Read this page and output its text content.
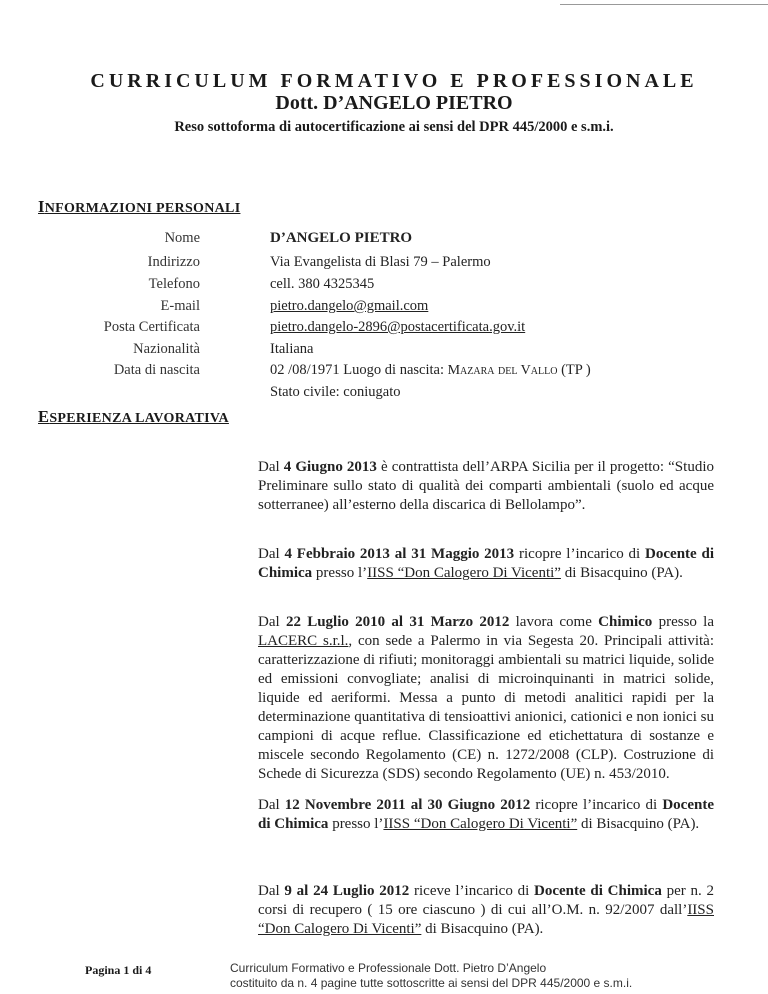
CURRICULUM FORMATIVO E PROFESSIONALE
Dott. D’ANGELO PIETRO
Reso sottoforma di autocertificazione ai sensi del DPR 445/2000 e s.m.i.
INFORMAZIONI PERSONALI
Nome	D’ANGELO PIETRO
Indirizzo	Via Evangelista di Blasi 79 – Palermo
Telefono	cell. 380 4325345
E-mail	pietro.dangelo@gmail.com
Posta Certificata	pietro.dangelo-2896@postacertificata.gov.it
Nazionalità	Italiana
Data di nascita	02 /08/1971 Luogo di nascita: Mazara del Vallo (TP )
Stato civile: coniugato
ESPERIENZA LAVORATIVA

Dal 4 Giugno 2013 è contrattista dell’ARPA Sicilia per il progetto: “Studio Preliminare sullo stato di qualità dei comparti ambientali (suolo ed acque sotterranee) all’esterno della discarica di Bellolampo”.

Dal 4 Febbraio 2013 al 31 Maggio 2013 ricopre l’incarico di Docente di Chimica presso l’IISS “Don Calogero Di Vicenti” di Bisacquino (PA).

Dal 22 Luglio 2010 al 31 Marzo 2012 lavora come Chimico presso la LACERC s.r.l., con sede a Palermo in via Segesta 20. Principali attività: caratterizzazione di rifiuti; monitoraggi ambientali su matrici liquide, solide ed emissioni convogliate; analisi di microinquinanti in matrici solide, liquide ed aeriformi. Messa a punto di metodi analitici rapidi per la determinazione quantitativa di tensioattivi anionici, cationici e non ionici su campioni di acque reflue. Classificazione ed etichettatura di sostanze e miscele secondo Regolamento (CE) n. 1272/2008 (CLP). Costruzione di Schede di Sicurezza (SDS) secondo Regolamento (UE) n. 453/2010.

Dal 12 Novembre 2011 al 30 Giugno 2012 ricopre l’incarico di Docente di Chimica presso l’IISS “Don Calogero Di Vicenti” di Bisacquino (PA).

Dal 9 al 24 Luglio 2012 riceve l’incarico di Docente di Chimica per n. 2 corsi di recupero ( 15 ore ciascuno ) di cui all’O.M. n. 92/2007 dall’IISS “Don Calogero Di Vicenti” di Bisacquino (PA).

Pagina 1 di 4	Curriculum Formativo e Professionale Dott. Pietro D’Angelo
costituito da n. 4 pagine tutte sottoscritte ai sensi del DPR 445/2000 e s.m.i.
